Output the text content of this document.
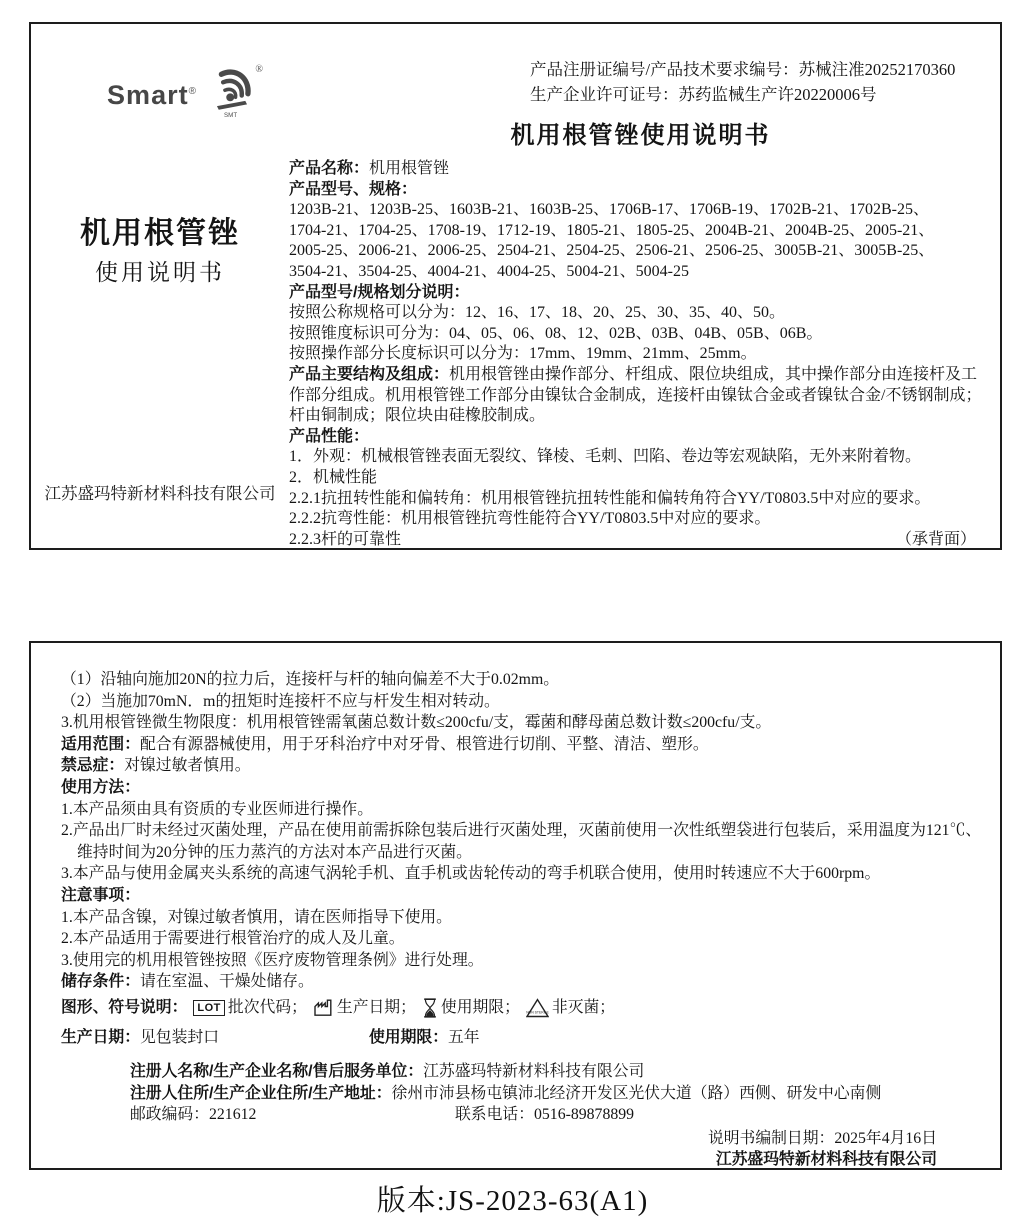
Smart®
SMT
®
机用根管锉
使用说明书
江苏盛玛特新材料科技有限公司
产品注册证编号/产品技术要求编号：苏械注准20252170360
生产企业许可证号：苏药监械生产许20220006号
机用根管锉使用说明书
产品名称：机用根管锉
产品型号、规格：
1203B-21、1203B-25、1603B-21、1603B-25、1706B-17、1706B-19、1702B-21、1702B-25、
1704-21、1704-25、1708-19、1712-19、1805-21、1805-25、2004B-21、2004B-25、2005-21、
2005-25、2006-21、2006-25、2504-21、2504-25、2506-21、2506-25、3005B-21、3005B-25、
3504-21、3504-25、4004-21、4004-25、5004-21、5004-25
产品型号/规格划分说明：
按照公称规格可以分为：12、16、17、18、20、25、30、35、40、50。
按照锥度标识可分为：04、05、06、08、12、02B、03B、04B、05B、06B。
按照操作部分长度标识可以分为：17mm、19mm、21mm、25mm。
产品主要结构及组成：机用根管锉由操作部分、杆组成、限位块组成，其中操作部分由连接杆及工作部分组成。机用根管锉工作部分由镍钛合金制成，连接杆由镍钛合金或者镍钛合金/不锈钢制成；杆由铜制成；限位块由硅橡胶制成。
产品性能：
1．外观：机械根管锉表面无裂纹、锋棱、毛刺、凹陷、卷边等宏观缺陷，无外来附着物。
2．机械性能
2.2.1抗扭转性能和偏转角：机用根管锉抗扭转性能和偏转角符合YY/T0803.5中对应的要求。
2.2.2抗弯性能：机用根管锉抗弯性能符合YY/T0803.5中对应的要求。
（承背面）
2.2.3杆的可靠性
（1）沿轴向施加20N的拉力后，连接杆与杆的轴向偏差不大于0.02mm。
（2）当施加70mN．m的扭矩时连接杆不应与杆发生相对转动。
3.机用根管锉微生物限度：机用根管锉需氧菌总数计数≤200cfu/支，霉菌和酵母菌总数计数≤200cfu/支。
适用范围：配合有源器械使用，用于牙科治疗中对牙骨、根管进行切削、平整、清洁、塑形。
禁忌症：对镍过敏者慎用。
使用方法：
1.本产品须由具有资质的专业医师进行操作。
2.产品出厂时未经过灭菌处理，产品在使用前需拆除包装后进行灭菌处理，灭菌前使用一次性纸塑袋进行包装后，采用温度为121℃、维持时间为20分钟的压力蒸汽的方法对本产品进行灭菌。
3.本产品与使用金属夹头系统的高速气涡轮手机、直手机或齿轮传动的弯手机联合使用，使用时转速应不大于600rpm。
注意事项：
1.本产品含镍，对镍过敏者慎用，请在医师指导下使用。
2.本产品适用于需要进行根管治疗的成人及儿童。
3.使用完的机用根管锉按照《医疗废物管理条例》进行处理。
储存条件：请在室温、干燥处储存。
图形、符号说明： LOT 批次代码； 生产日期； 使用期限； NON STERILE 非灭菌；
生产日期：见包装封口	使用期限：五年
注册人名称/生产企业名称/售后服务单位：江苏盛玛特新材料科技有限公司
注册人住所/生产企业住所/生产地址：徐州市沛县杨屯镇沛北经济开发区光伏大道（路）西侧、研发中心南侧
邮政编码：221612	联系电话：0516-89878899
说明书编制日期：2025年4月16日
江苏盛玛特新材料科技有限公司
版本:JS-2023-63(A1)
